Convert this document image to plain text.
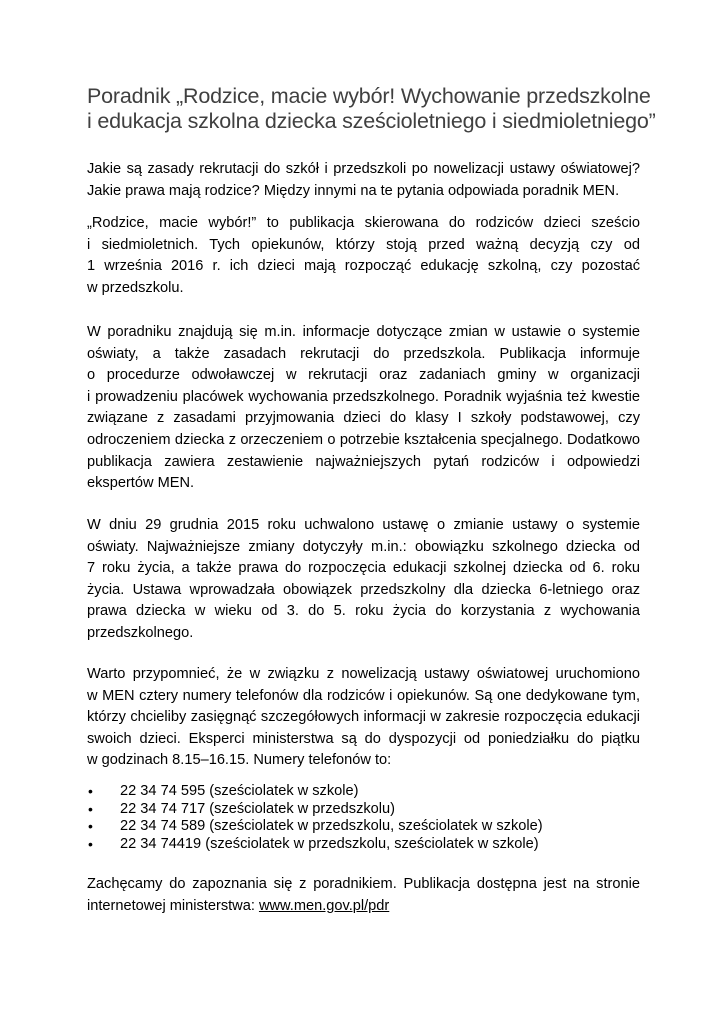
Poradnik „Rodzice, macie wybór! Wychowanie przedszkolne
i edukacja szkolna dziecka sześcioletniego i siedmioletniego”

Jakie są zasady rekrutacji do szkół i przedszkoli po nowelizacji ustawy oświatowej?
Jakie prawa mają rodzice? Między innymi na te pytania odpowiada poradnik MEN.

„Rodzice, macie wybór!” to publikacja skierowana do rodziców dzieci sześcio
i siedmioletnich. Tych opiekunów, którzy stoją przed ważną decyzją czy od
1 września 2016 r. ich dzieci mają rozpocząć edukację szkolną, czy pozostać
w przedszkolu.

W poradniku znajdują się m.in. informacje dotyczące zmian w ustawie o systemie
oświaty, a także zasadach rekrutacji do przedszkola. Publikacja informuje
o procedurze odwoławczej w rekrutacji oraz zadaniach gminy w organizacji
i prowadzeniu placówek wychowania przedszkolnego. Poradnik wyjaśnia też kwestie
związane z zasadami przyjmowania dzieci do klasy I szkoły podstawowej, czy
odroczeniem dziecka z orzeczeniem o potrzebie kształcenia specjalnego. Dodatkowo
publikacja zawiera zestawienie najważniejszych pytań rodziców i odpowiedzi
ekspertów MEN.

W dniu 29 grudnia 2015 roku uchwalono ustawę o zmianie ustawy o systemie
oświaty. Najważniejsze zmiany dotyczyły m.in.: obowiązku szkolnego dziecka od
7 roku życia, a także prawa do rozpoczęcia edukacji szkolnej dziecka od 6. roku
życia. Ustawa wprowadzała obowiązek przedszkolny dla dziecka 6-letniego oraz
prawa dziecka w wieku od 3. do 5. roku życia do korzystania z wychowania
przedszkolnego.

Warto przypomnieć, że w związku z nowelizacją ustawy oświatowej uruchomiono
w MEN cztery numery telefonów dla rodziców i opiekunów. Są one dedykowane tym,
którzy chcieliby zasięgnąć szczegółowych informacji w zakresie rozpoczęcia edukacji
swoich dzieci. Eksperci ministerstwa są do dyspozycji od poniedziałku do piątku
w godzinach 8.15–16.15. Numery telefonów to:

• 22 34 74 595 (sześciolatek w szkole)
• 22 34 74 717 (sześciolatek w przedszkolu)
• 22 34 74 589 (sześciolatek w przedszkolu, sześciolatek w szkole)
• 22 34 74419 (sześciolatek w przedszkolu, sześciolatek w szkole)

Zachęcamy do zapoznania się z poradnikiem. Publikacja dostępna jest na stronie
internetowej ministerstwa: www.men.gov.pl/pdr
